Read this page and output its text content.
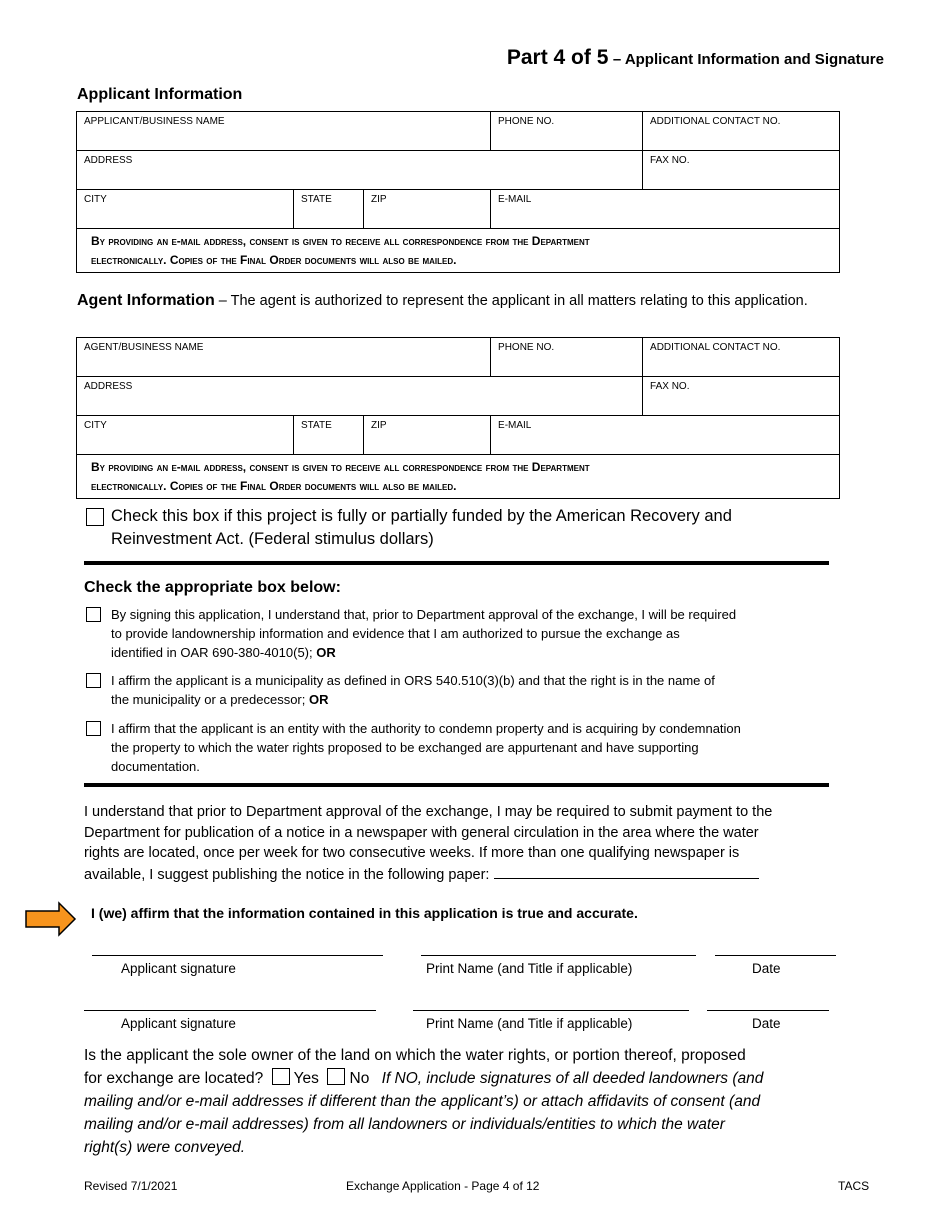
Part 4 of 5 – Applicant Information and Signature
Applicant Information
APPLICANT/BUSINESS NAME			PHONE NO.	ADDITIONAL CONTACT NO.
ADDRESS				FAX NO.
CITY	STATE	ZIP	E-MAIL	

By providing an e-mail address, consent is given to receive all correspondence from the Department
electronically. Copies of the Final Order documents will also be mailed.				
Agent Information – The agent is authorized to represent the applicant in all matters relating to this application.
AGENT/BUSINESS NAME			PHONE NO.	ADDITIONAL CONTACT NO.
ADDRESS				FAX NO.
CITY	STATE	ZIP	E-MAIL	

By providing an e-mail address, consent is given to receive all correspondence from the Department
electronically. Copies of the Final Order documents will also be mailed.				
Check this box if this project is fully or partially funded by the American Recovery and
Reinvestment Act. (Federal stimulus dollars)
Check the appropriate box below:
By signing this application, I understand that, prior to Department approval of the exchange, I will be required
to provide landownership information and evidence that I am authorized to pursue the exchange as
identified in OAR 690-380-4010(5); OR
I affirm the applicant is a municipality as defined in ORS 540.510(3)(b) and that the right is in the name of
the municipality or a predecessor; OR
I affirm that the applicant is an entity with the authority to condemn property and is acquiring by condemnation
the property to which the water rights proposed to be exchanged are appurtenant and have supporting
documentation.
I understand that prior to Department approval of the exchange, I may be required to submit payment to the
Department for publication of a notice in a newspaper with general circulation in the area where the water
rights are located, once per week for two consecutive weeks. If more than one qualifying newspaper is
available, I suggest publishing the notice in the following paper:
I (we) affirm that the information contained in this application is true and accurate.
Applicant signature	Print Name (and Title if applicable)	Date
Applicant signature	Print Name (and Title if applicable)	Date
Is the applicant the sole owner of the land on which the water rights, or portion thereof, proposed
for exchange are located? Yes No If NO, include signatures of all deeded landowners (and
mailing and/or e-mail addresses if different than the applicant’s) or attach affidavits of consent (and
mailing and/or e-mail addresses) from all landowners or individuals/entities to which the water
right(s) were conveyed.
Revised 7/1/2021	Exchange Application - Page 4 of 12	TACS
